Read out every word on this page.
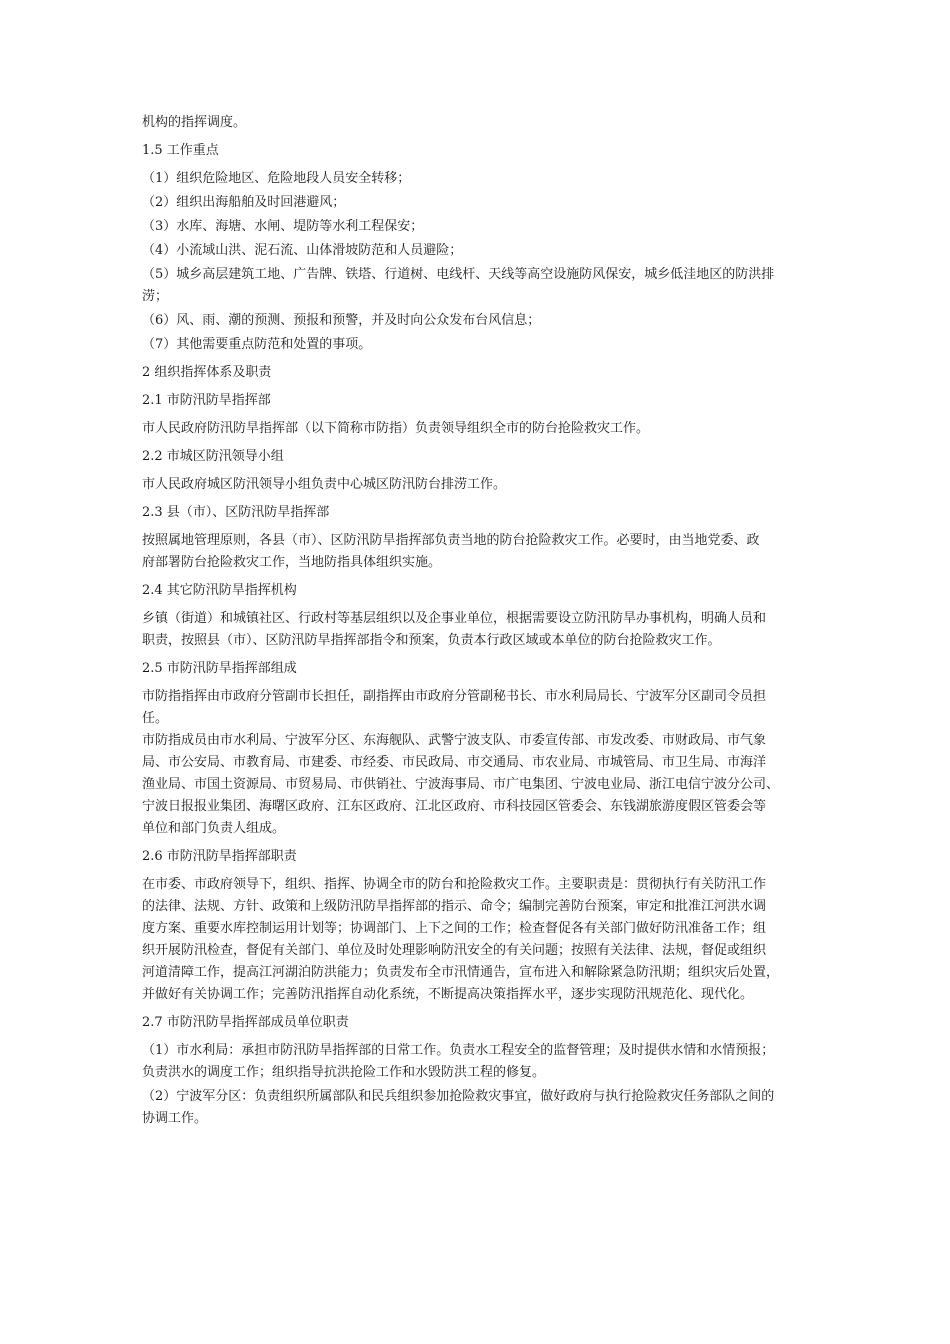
机构的指挥调度。
1.5 工作重点
（1）组织危险地区、危险地段人员安全转移；
（2）组织出海船舶及时回港避风；
（3）水库、海塘、水闸、堤防等水利工程保安；
（4）小流域山洪、泥石流、山体滑坡防范和人员避险；
（5）城乡高层建筑工地、广告牌、铁塔、行道树、电线杆、天线等高空设施防风保安，城乡低洼地区的防洪排
涝；
（6）风、雨、潮的预测、预报和预警，并及时向公众发布台风信息；
（7）其他需要重点防范和处置的事项。
2 组织指挥体系及职责
2.1 市防汛防旱指挥部
市人民政府防汛防旱指挥部（以下简称市防指）负责领导组织全市的防台抢险救灾工作。
2.2 市城区防汛领导小组
市人民政府城区防汛领导小组负责中心城区防汛防台排涝工作。
2.3 县（市）、区防汛防旱指挥部
按照属地管理原则，各县（市）、区防汛防旱指挥部负责当地的防台抢险救灾工作。必要时，由当地党委、政
府部署防台抢险救灾工作，当地防指具体组织实施。
2.4 其它防汛防旱指挥机构
乡镇（街道）和城镇社区、行政村等基层组织以及企事业单位，根据需要设立防汛防旱办事机构，明确人员和
职责，按照县（市）、区防汛防旱指挥部指令和预案，负责本行政区域或本单位的防台抢险救灾工作。
2.5 市防汛防旱指挥部组成
市防指指挥由市政府分管副市长担任，副指挥由市政府分管副秘书长、市水利局局长、宁波军分区副司令员担
任。
市防指成员由市水利局、宁波军分区、东海舰队、武警宁波支队、市委宣传部、市发改委、市财政局、市气象
局、市公安局、市教育局、市建委、市经委、市民政局、市交通局、市农业局、市城管局、市卫生局、市海洋
渔业局、市国土资源局、市贸易局、市供销社、宁波海事局、市广电集团、宁波电业局、浙江电信宁波分公司、
宁波日报报业集团、海曙区政府、江东区政府、江北区政府、市科技园区管委会、东钱湖旅游度假区管委会等
单位和部门负责人组成。
2.6 市防汛防旱指挥部职责
在市委、市政府领导下，组织、指挥、协调全市的防台和抢险救灾工作。主要职责是：贯彻执行有关防汛工作
的法律、法规、方针、政策和上级防汛防旱指挥部的指示、命令；编制完善防台预案，审定和批准江河洪水调
度方案、重要水库控制运用计划等；协调部门、上下之间的工作；检查督促各有关部门做好防汛准备工作；组
织开展防汛检查，督促有关部门、单位及时处理影响防汛安全的有关问题；按照有关法律、法规，督促或组织
河道清障工作，提高江河湖泊防洪能力；负责发布全市汛情通告，宣布进入和解除紧急防汛期；组织灾后处置，
并做好有关协调工作；完善防汛指挥自动化系统，不断提高决策指挥水平，逐步实现防汛规范化、现代化。
2.7 市防汛防旱指挥部成员单位职责
（1）市水利局：承担市防汛防旱指挥部的日常工作。负责水工程安全的监督管理；及时提供水情和水情预报；
负责洪水的调度工作；组织指导抗洪抢险工作和水毁防洪工程的修复。
（2）宁波军分区：负责组织所属部队和民兵组织参加抢险救灾事宜，做好政府与执行抢险救灾任务部队之间的
协调工作。
